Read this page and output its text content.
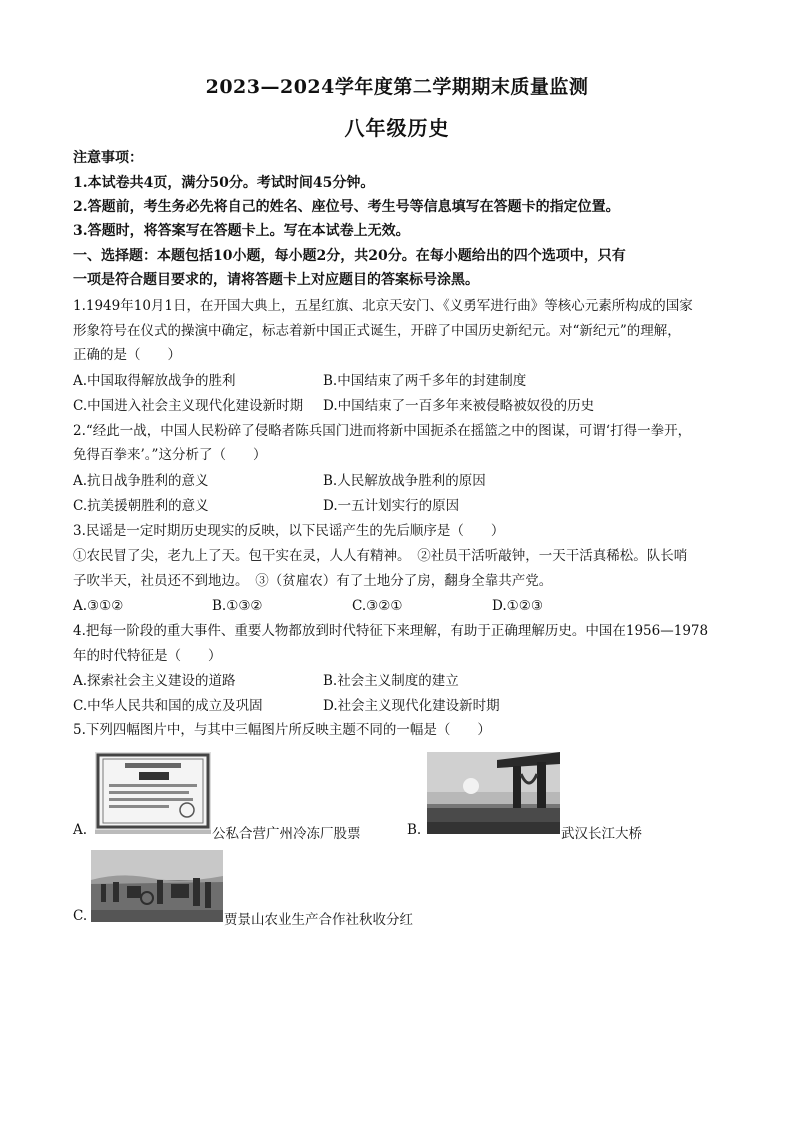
2023—2024学年度第二学期期末质量监测
八年级历史
注意事项：
1.本试卷共4页，满分50分。考试时间45分钟。
2.答题前，考生务必先将自己的姓名、座位号、考生号等信息填写在答题卡的指定位置。
3.答题时，将答案写在答题卡上。写在本试卷上无效。
一、选择题：本题包括10小题，每小题2分，共20分。在每小题给出的四个选项中，只有
一项是符合题目要求的，请将答题卡上对应题目的答案标号涂黑。
1.1949年10月1日，在开国大典上，五星红旗、北京天安门、《义勇军进行曲》等核心元素所构成的国家
形象符号在仪式的操演中确定，标志着新中国正式诞生，开辟了中国历史新纪元。对“新纪元”的理解，
正确的是（　　）
A.中国取得解放战争的胜利	B.中国结束了两千多年的封建制度
C.中国进入社会主义现代化建设新时期 D.中国结束了一百多年来被侵略被奴役的历史
2.“经此一战，中国人民粉碎了侵略者陈兵国门进而将新中国扼杀在摇篮之中的图谋，可谓‘打得一拳开，
免得百拳来’。”这分析了（　　）
A.抗日战争胜利的意义	B.人民解放战争胜利的原因
C.抗美援朝胜利的意义	D.一五计划实行的原因
3.民谣是一定时期历史现实的反映，以下民谣产生的先后顺序是（　　）
①农民冒了尖，老九上了天。包干实在灵，人人有精神。　②社员干活听敲钟，一天干活真稀松。队长哨
子吹半天，社员还不到地边。　③（贫雇农）有了土地分了房，翻身全靠共产党。
A.③①②	B.①③②	C.③②①	D.①②③
4.把每一阶段的重大事件、重要人物都放到时代特征下来理解，有助于正确理解历史。中国在1956—1978
年的时代特征是（　　）
A.探索社会主义建设的道路	B.社会主义制度的建立
C.中华人民共和国的成立及巩固	D.社会主义现代化建设新时期
5.下列四幅图片中，与其中三幅图片所反映主题不同的一幅是（　　）
A.	公私合营广州冷冻厂股票	B.	武汉长江大桥
C.	贾景山农业生产合作社秋收分红
